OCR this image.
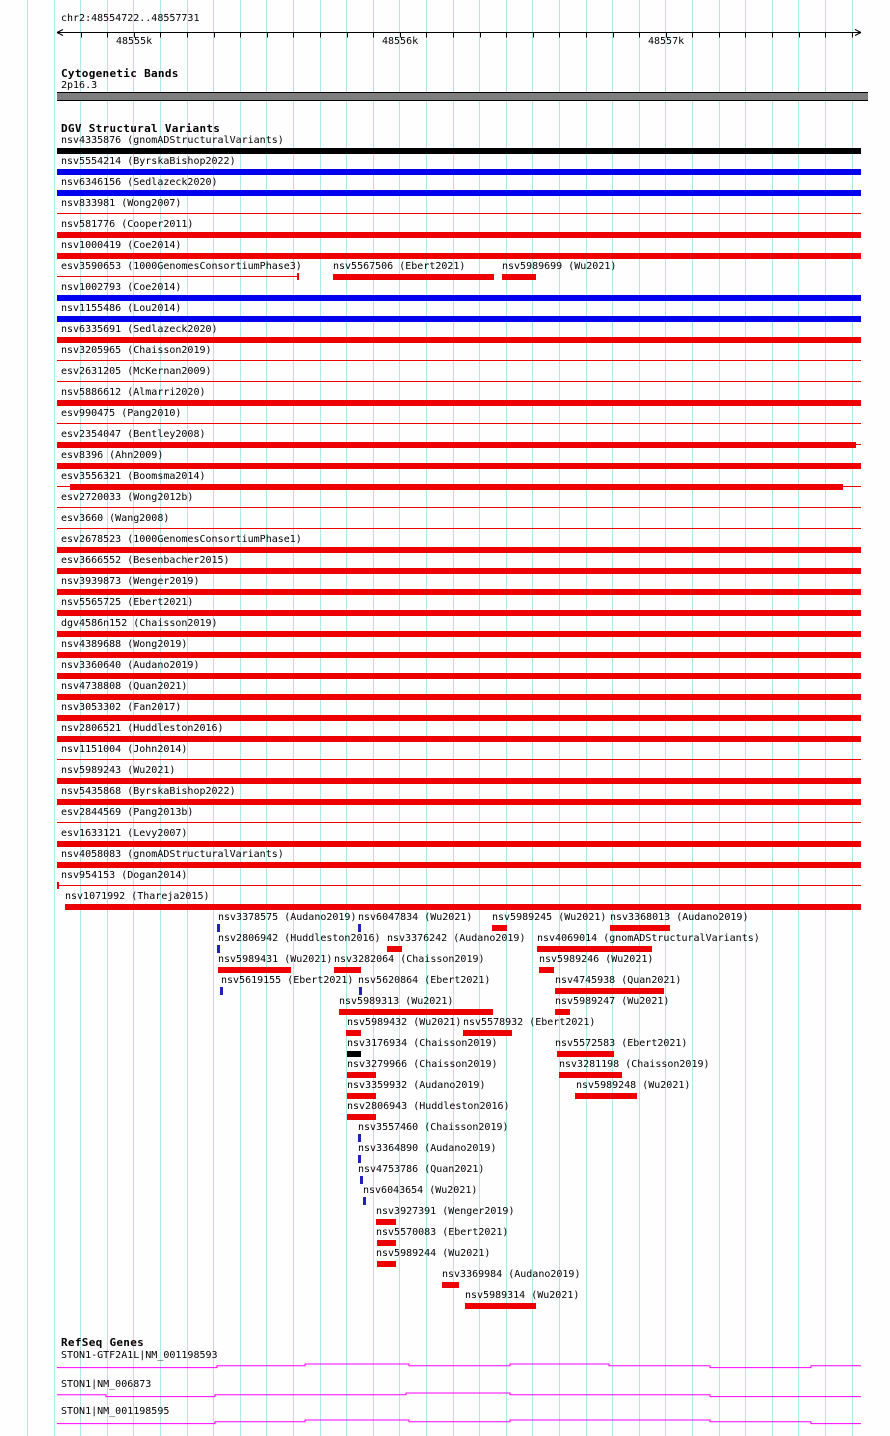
chr2:48554722..48557731
48555k	48556k	48557k
Cytogenetic Bands
2p16.3
DGV Structural Variants
nsv4335876 (gnomADStructuralVariants)
nsv5554214 (ByrskaBishop2022)
nsv6346156 (Sedlazeck2020)
nsv833981 (Wong2007)
nsv581776 (Cooper2011)
nsv1000419 (Coe2014)
esv3590653 (1000GenomesConsortiumPhase3)	nsv5567506 (Ebert2021)	nsv5989699 (Wu2021)
nsv1002793 (Coe2014)
nsv1155486 (Lou2014)
nsv6335691 (Sedlazeck2020)
nsv3205965 (Chaisson2019)
esv2631205 (McKernan2009)
nsv5886612 (Almarri2020)
esv990475 (Pang2010)
esv2354047 (Bentley2008)
esv8396 (Ahn2009)
esv3556321 (Boomsma2014)
esv2720033 (Wong2012b)
esv3660 (Wang2008)
esv2678523 (1000GenomesConsortiumPhase1)
esv3666552 (Besenbacher2015)
nsv3939873 (Wenger2019)
nsv5565725 (Ebert2021)
dgv4586n152 (Chaisson2019)
nsv4389688 (Wong2019)
nsv3360640 (Audano2019)
nsv4738808 (Quan2021)
nsv3053302 (Fan2017)
nsv2806521 (Huddleston2016)
nsv1151004 (John2014)
nsv5989243 (Wu2021)
nsv5435868 (ByrskaBishop2022)
esv2844569 (Pang2013b)
esv1633121 (Levy2007)
nsv4058083 (gnomADStructuralVariants)
nsv954153 (Dogan2014)
nsv1071992 (Thareja2015)
nsv3378575 (Audano2019) nsv6047834 (Wu2021) nsv5989245 (Wu2021) nsv3368013 (Audano2019)
nsv2806942 (Huddleston2016) nsv3376242 (Audano2019) nsv4069014 (gnomADStructuralVariants)
nsv5989431 (Wu2021) nsv3282064 (Chaisson2019)	nsv5989246 (Wu2021)
nsv5619155 (Ebert2021) nsv5620864 (Ebert2021)	nsv4745938 (Quan2021)
nsv5989313 (Wu2021)	nsv5989247 (Wu2021)
nsv5989432 (Wu2021) nsv5578932 (Ebert2021)
nsv3176934 (Chaisson2019)	nsv5572583 (Ebert2021)
nsv3279966 (Chaisson2019)	nsv3281198 (Chaisson2019)
nsv3359932 (Audano2019)	nsv5989248 (Wu2021)
nsv2806943 (Huddleston2016)
nsv3557460 (Chaisson2019)
nsv3364890 (Audano2019)
nsv4753786 (Quan2021)
nsv6043654 (Wu2021)
nsv3927391 (Wenger2019)
nsv5570083 (Ebert2021)
nsv5989244 (Wu2021)
nsv3369984 (Audano2019)
nsv5989314 (Wu2021)
RefSeq Genes
STON1-GTF2A1L|NM_001198593
STON1|NM_006873
STON1|NM_001198595
